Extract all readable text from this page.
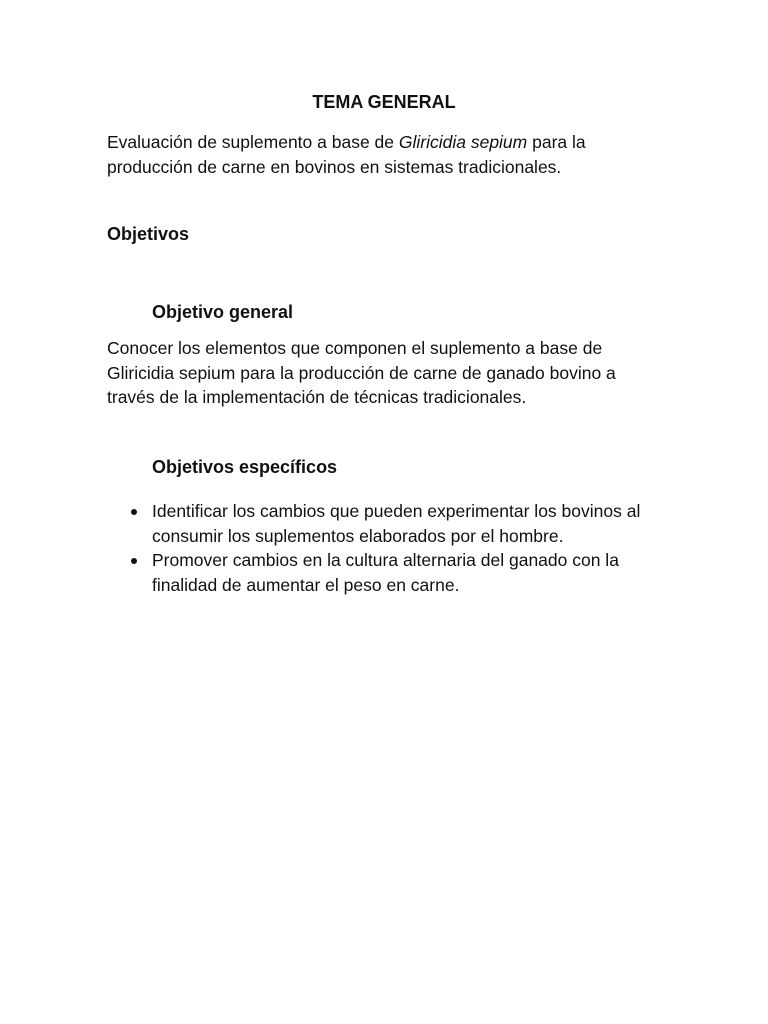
TEMA GENERAL

Evaluación de suplemento a base de Gliricidia sepium para la producción de carne en bovinos en sistemas tradicionales.

Objetivos
Objetivo general

Conocer los elementos que componen el suplemento a base de Gliricidia sepium para la producción de carne de ganado bovino a través de la implementación de técnicas tradicionales.

Objetivos específicos
Identificar los cambios que pueden experimentar los bovinos al consumir los suplementos elaborados por el hombre.
Promover cambios en la cultura alternaria del ganado con la finalidad de aumentar el peso en carne.
